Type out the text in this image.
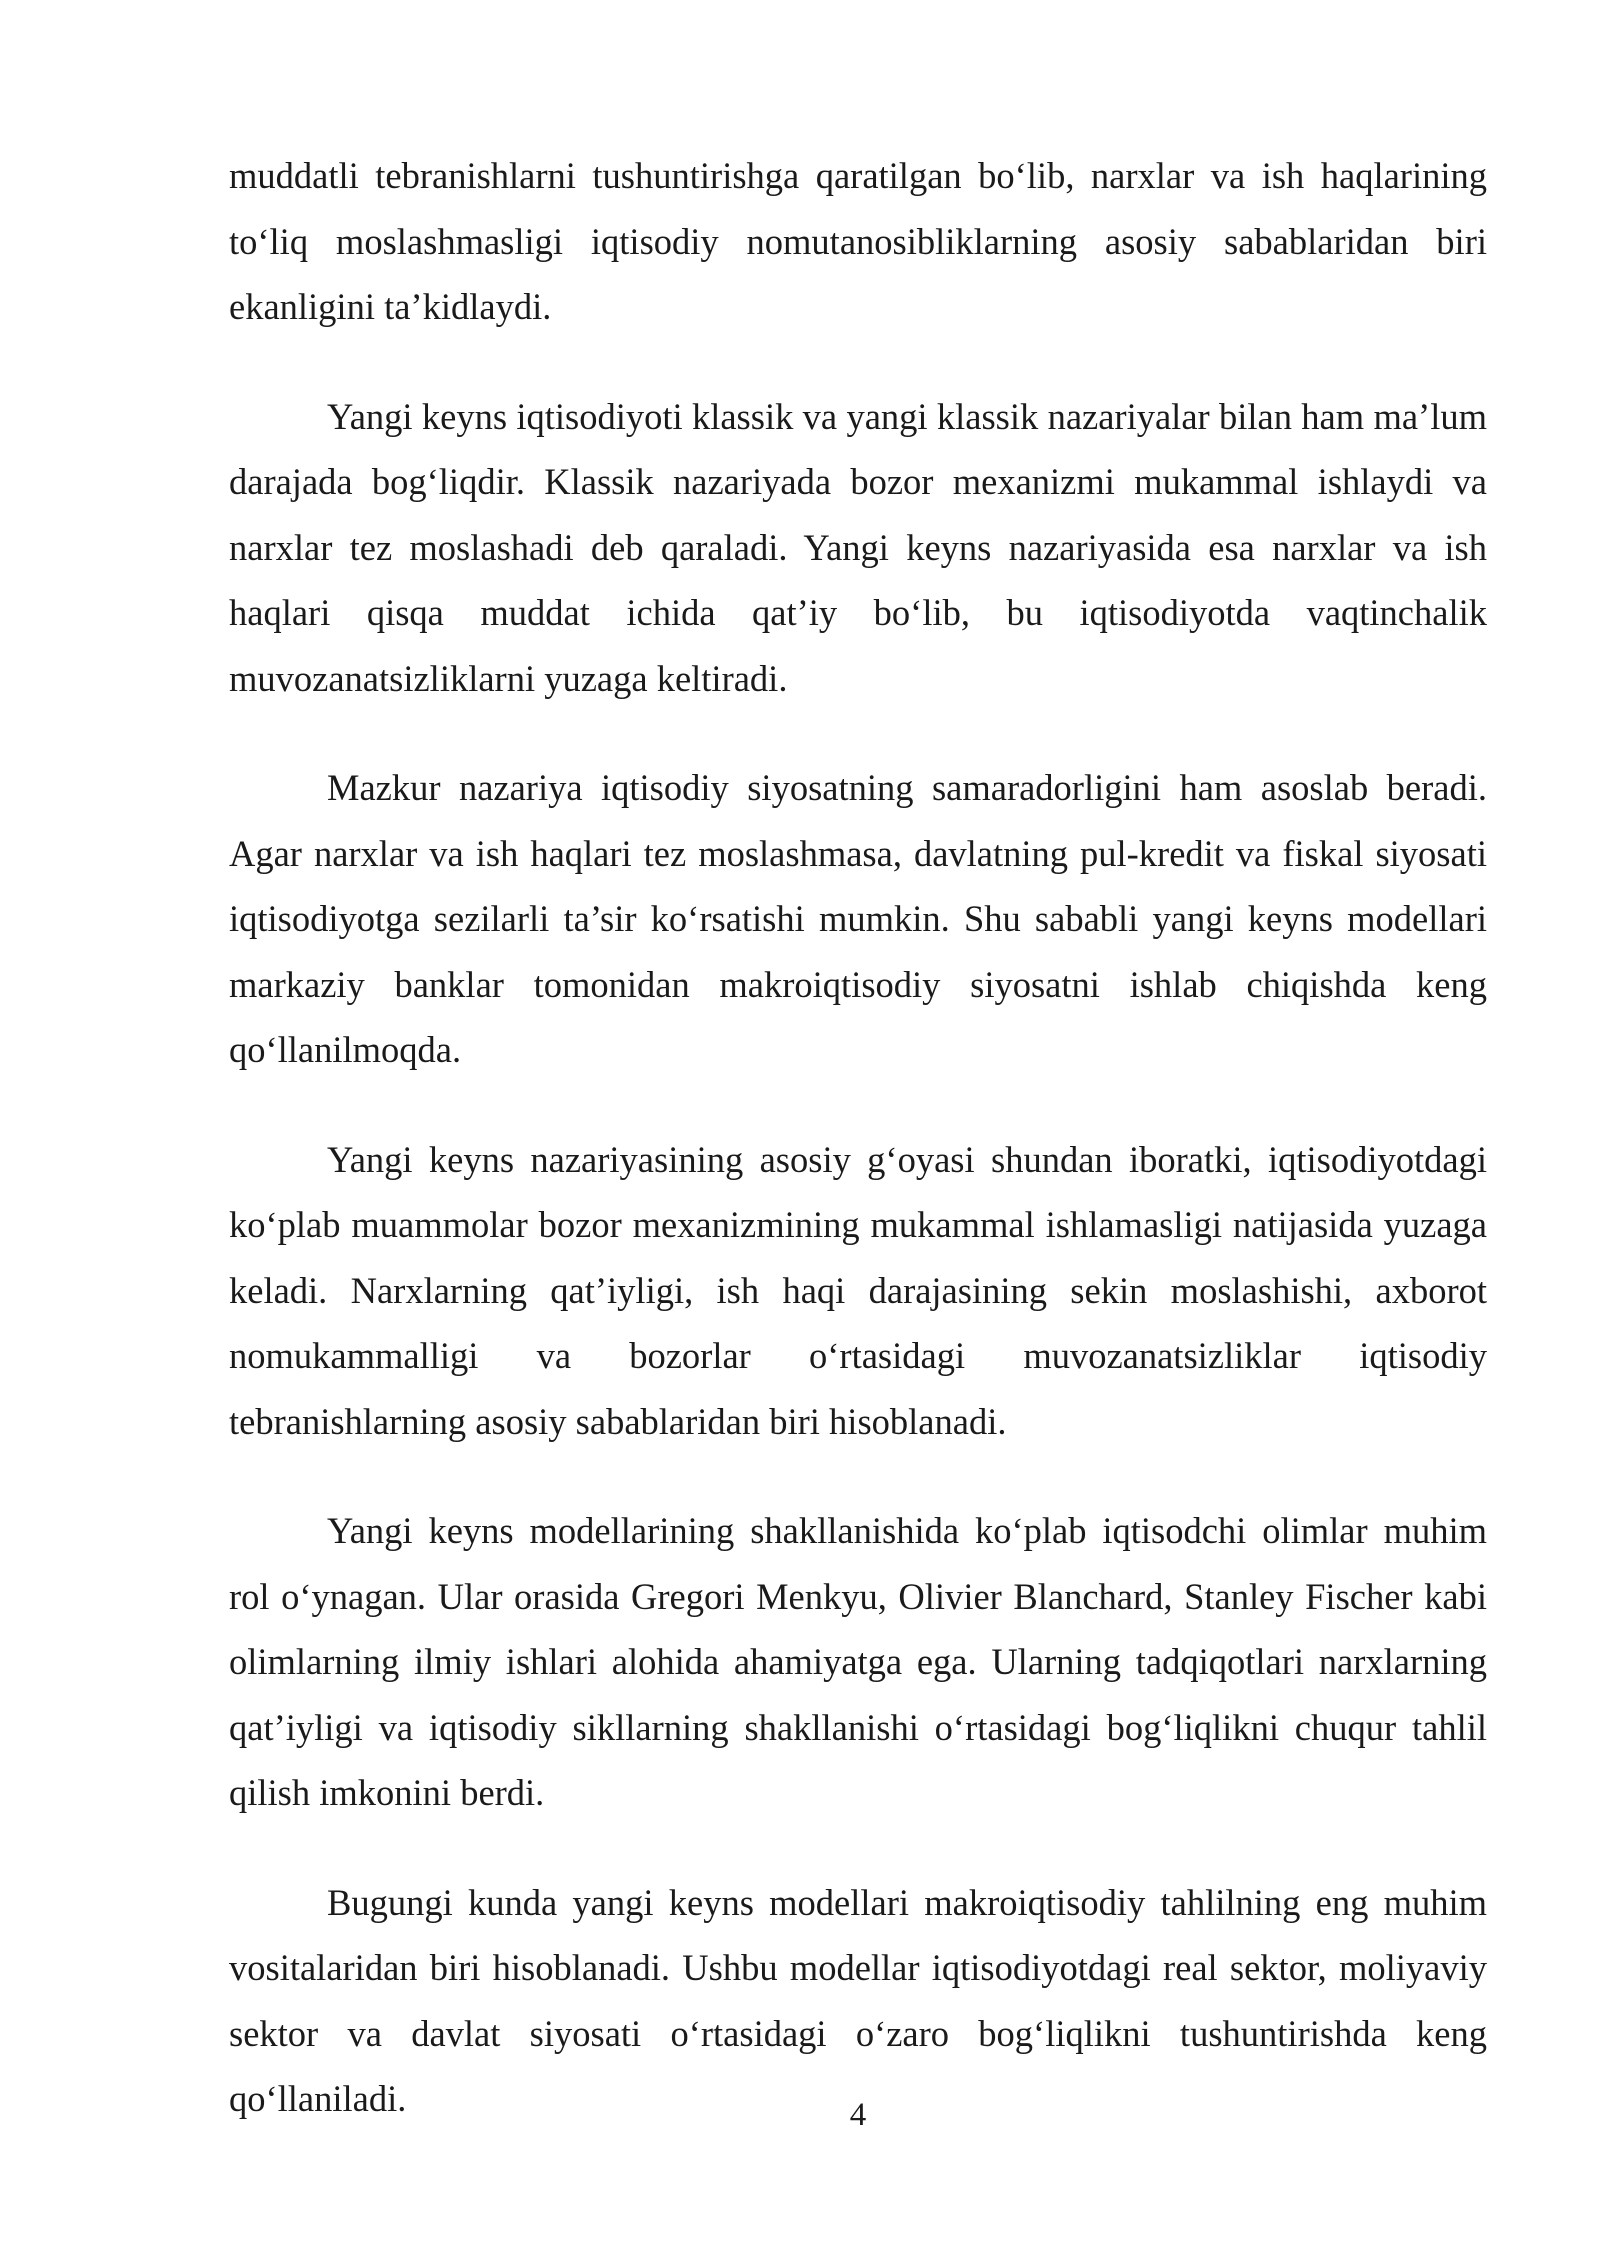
muddatli tebranishlarni tushuntirishga qaratilgan bo‘lib, narxlar va ish haqlarining to‘liq moslashmasligi iqtisodiy nomutanosibliklarning asosiy sabablaridan biri ekanligini ta’kidlaydi.

Yangi keyns iqtisodiyoti klassik va yangi klassik nazariyalar bilan ham ma’lum darajada bog‘liqdir. Klassik nazariyada bozor mexanizmi mukammal ishlaydi va narxlar tez moslashadi deb qaraladi. Yangi keyns nazariyasida esa narxlar va ish haqlari qisqa muddat ichida qat’iy bo‘lib, bu iqtisodiyotda vaqtinchalik muvozanatsizliklarni yuzaga keltiradi.

Mazkur nazariya iqtisodiy siyosatning samaradorligini ham asoslab beradi. Agar narxlar va ish haqlari tez moslashmasa, davlatning pul-kredit va fiskal siyosati iqtisodiyotga sezilarli ta’sir ko‘rsatishi mumkin. Shu sababli yangi keyns modellari markaziy banklar tomonidan makroiqtisodiy siyosatni ishlab chiqishda keng qo‘llanilmoqda.

Yangi keyns nazariyasining asosiy g‘oyasi shundan iboratki, iqtisodiyotdagi ko‘plab muammolar bozor mexanizmining mukammal ishlamasligi natijasida yuzaga keladi. Narxlarning qat’iyligi, ish haqi darajasining sekin moslashishi, axborot nomukammalligi va bozorlar o‘rtasidagi muvozanatsizliklar iqtisodiy tebranishlarning asosiy sabablaridan biri hisoblanadi.

Yangi keyns modellarining shakllanishida ko‘plab iqtisodchi olimlar muhim rol o‘ynagan. Ular orasida Gregori Menkyu, Olivier Blanchard, Stanley Fischer kabi olimlarning ilmiy ishlari alohida ahamiyatga ega. Ularning tadqiqotlari narxlarning qat’iyligi va iqtisodiy sikllarning shakllanishi o‘rtasidagi bog‘liqlikni chuqur tahlil qilish imkonini berdi.

Bugungi kunda yangi keyns modellari makroiqtisodiy tahlilning eng muhim vositalaridan biri hisoblanadi. Ushbu modellar iqtisodiyotdagi real sektor, moliyaviy sektor va davlat siyosati o‘rtasidagi o‘zaro bog‘liqlikni tushuntirishda keng qo‘llaniladi.	4
